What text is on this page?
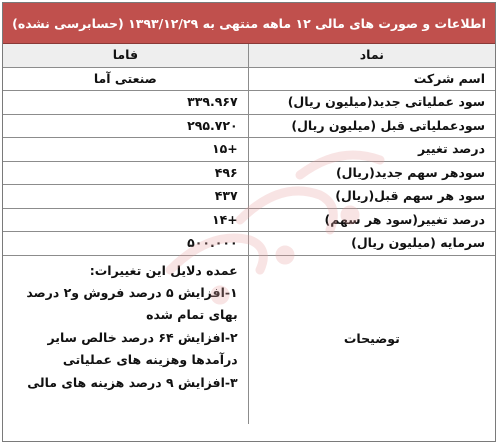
اطلاعات و صورت های مالی ۱۲ ماهه منتهی به ۱۳۹۳/۱۲/۲۹ (حسابرسی نشده)
نماد	فاما
اسم شرکت	صنعتی آما
سود عملیاتی جدید(میلیون ریال)	۳۳۹.۹۶۷
سودعملیاتی قبل (میلیون ریال)	۲۹۵.۷۲۰
درصد تغییر	+۱۵
سودهر سهم جدید(ریال)	۴۹۶
سود هر سهم قبل(ریال)	۴۳۷
درصد تغییر(سود هر سهم)	+۱۴
سرمایه (میلیون ریال)	۵۰۰.۰۰۰
توضیحات	عمده دلایل این تغییرات:
۱-افزایش ۵ درصد فروش و۲ درصد بهای تمام شده
۲-افزایش ۶۴ درصد خالص سایر درآمدها وهزینه های عملیاتی
۳-افزایش ۹ درصد هزینه های مالی
